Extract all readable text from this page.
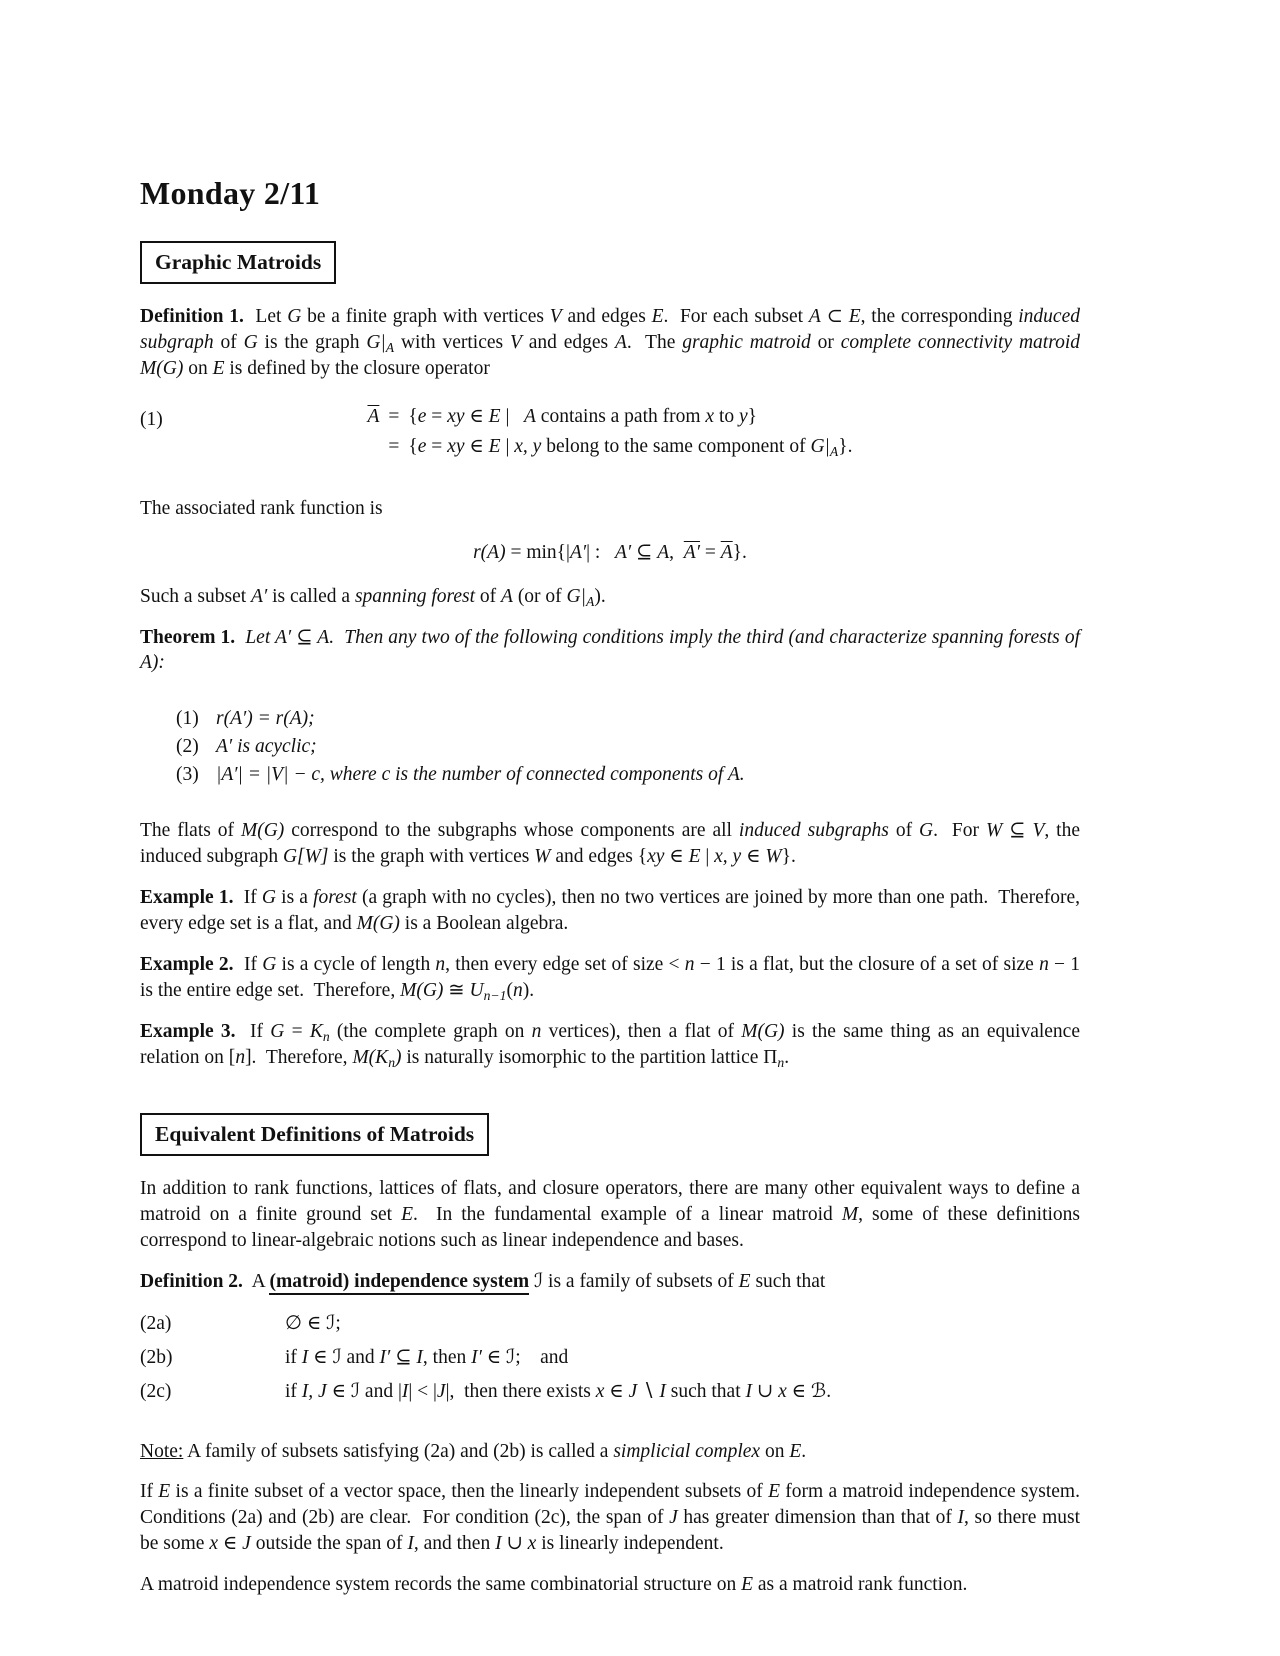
Monday 2/11
Graphic Matroids

Definition 1.  Let G be a finite graph with vertices V and edges E.  For each subset A ⊂ E, the corresponding induced subgraph of G is the graph G|A with vertices V and edges A.  The graphic matroid or complete connectivity matroid M(G) on E is defined by the closure operator

(1)	$\overline{A}$	=	{e = xy ∈ E |   A contains a path from x to y}
	=	{e = xy ∈ E | x, y belong to the same component of G|A}.

The associated rank function is

r(A) = min{|A′| :   A′ ⊆ A,  $A' = \overline{A}$}.

Such a subset A′ is called a spanning forest of A (or of G|A).

Theorem 1. Let A′ ⊆ A.  Then any two of the following conditions imply the third (and characterize spanning forests of A):

(1) r(A′) = r(A);
(2) A′ is acyclic;
(3) |A′| = |V| − c, where c is the number of connected components of A.

The flats of M(G) correspond to the subgraphs whose components are all induced subgraphs of G.  For W ⊆ V, the induced subgraph G[W] is the graph with vertices W and edges {xy ∈ E | x, y ∈ W}.

Example 1.  If G is a forest (a graph with no cycles), then no two vertices are joined by more than one path.  Therefore, every edge set is a flat, and M(G) is a Boolean algebra.

Example 2.  If G is a cycle of length n, then every edge set of size < n − 1 is a flat, but the closure of a set of size n − 1 is the entire edge set.  Therefore, M(G) ≅ Un−1(n).

Example 3.  If G = Kn (the complete graph on n vertices), then a flat of M(G) is the same thing as an equivalence relation on [n].  Therefore, M(Kn) is naturally isomorphic to the partition lattice Πn.

Equivalent Definitions of Matroids

In addition to rank functions, lattices of flats, and closure operators, there are many other equivalent ways to define a matroid on a finite ground set E.  In the fundamental example of a linear matroid M, some of these definitions correspond to linear-algebraic notions such as linear independence and bases.

Definition 2.  A (matroid) independence system ℐ is a family of subsets of E such that

(2a)	∅ ∈ ℐ;
(2b)	if I ∈ ℐ and I′ ⊆ I, then I′ ∈ ℐ;    and
(2c)	if I, J ∈ ℐ and |I| < |J|,  then there exists x ∈ J ∖ I such that I ∪ x ∈ ℬ.

Note: A family of subsets satisfying (2a) and (2b) is called a simplicial complex on E.

If E is a finite subset of a vector space, then the linearly independent subsets of E form a matroid independence system.  Conditions (2a) and (2b) are clear.  For condition (2c), the span of J has greater dimension than that of I, so there must be some x ∈ J outside the span of I, and then I ∪ x is linearly independent.

A matroid independence system records the same combinatorial structure on E as a matroid rank function.
